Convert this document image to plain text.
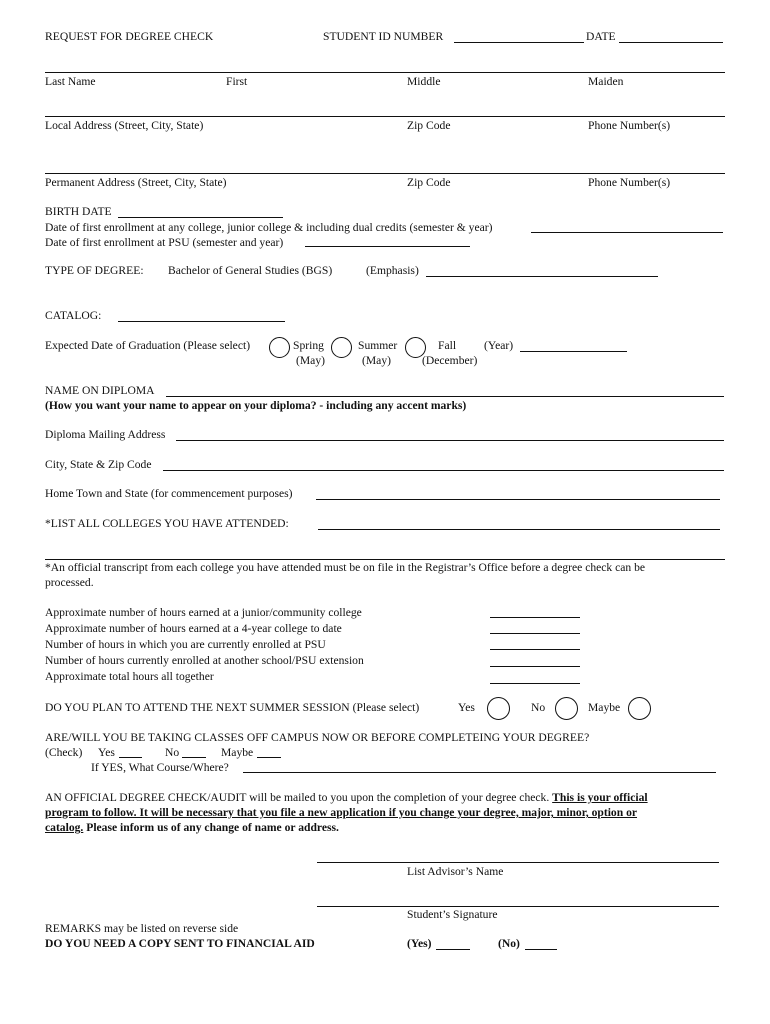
REQUEST FOR DEGREE CHECK	STUDENT ID NUMBER	DATE
Last Name	First	Middle	Maiden
Local Address (Street, City, State)	Zip Code	Phone Number(s)
Permanent Address (Street, City, State)	Zip Code	Phone Number(s)
BIRTH DATE
Date of first enrollment at any college, junior college & including dual credits (semester & year)
Date of first enrollment at PSU (semester and year)
TYPE OF DEGREE: Bachelor of General Studies (BGS)	(Emphasis)
CATALOG:
Expected Date of Graduation (Please select)	Spring
(May)
Summer
(May)
Fall
(December)
(Year)
NAME ON DIPLOMA
(How you want your name to appear on your diploma? - including any accent marks)
Diploma Mailing Address
City, State & Zip Code
Home Town and State (for commencement purposes)
*LIST ALL COLLEGES YOU HAVE ATTENDED:
*An official transcript from each college you have attended must be on file in the Registrar’s Office before a degree check can be
processed.
Approximate number of hours earned at a junior/community college
Approximate number of hours earned at a 4-year college to date
Number of hours in which you are currently enrolled at PSU
Number of hours currently enrolled at another school/PSU extension
Approximate total hours all together
DO YOU PLAN TO ATTEND THE NEXT SUMMER SESSION (Please select)	Yes	No	Maybe
ARE/WILL YOU BE TAKING CLASSES OFF CAMPUS NOW OR BEFORE COMPLETEING YOUR DEGREE?
(Check) Yes	No	Maybe
If YES, What Course/Where?
AN OFFICIAL DEGREE CHECK/AUDIT will be mailed to you upon the completion of your degree check. This is your official
program to follow. It will be necessary that you file a new application if you change your degree, major, minor, option or
catalog. Please inform us of any change of name or address.
List Advisor’s Name
Student’s Signature
REMARKS may be listed on reverse side
DO YOU NEED A COPY SENT TO FINANCIAL AID	(Yes)	(No)
